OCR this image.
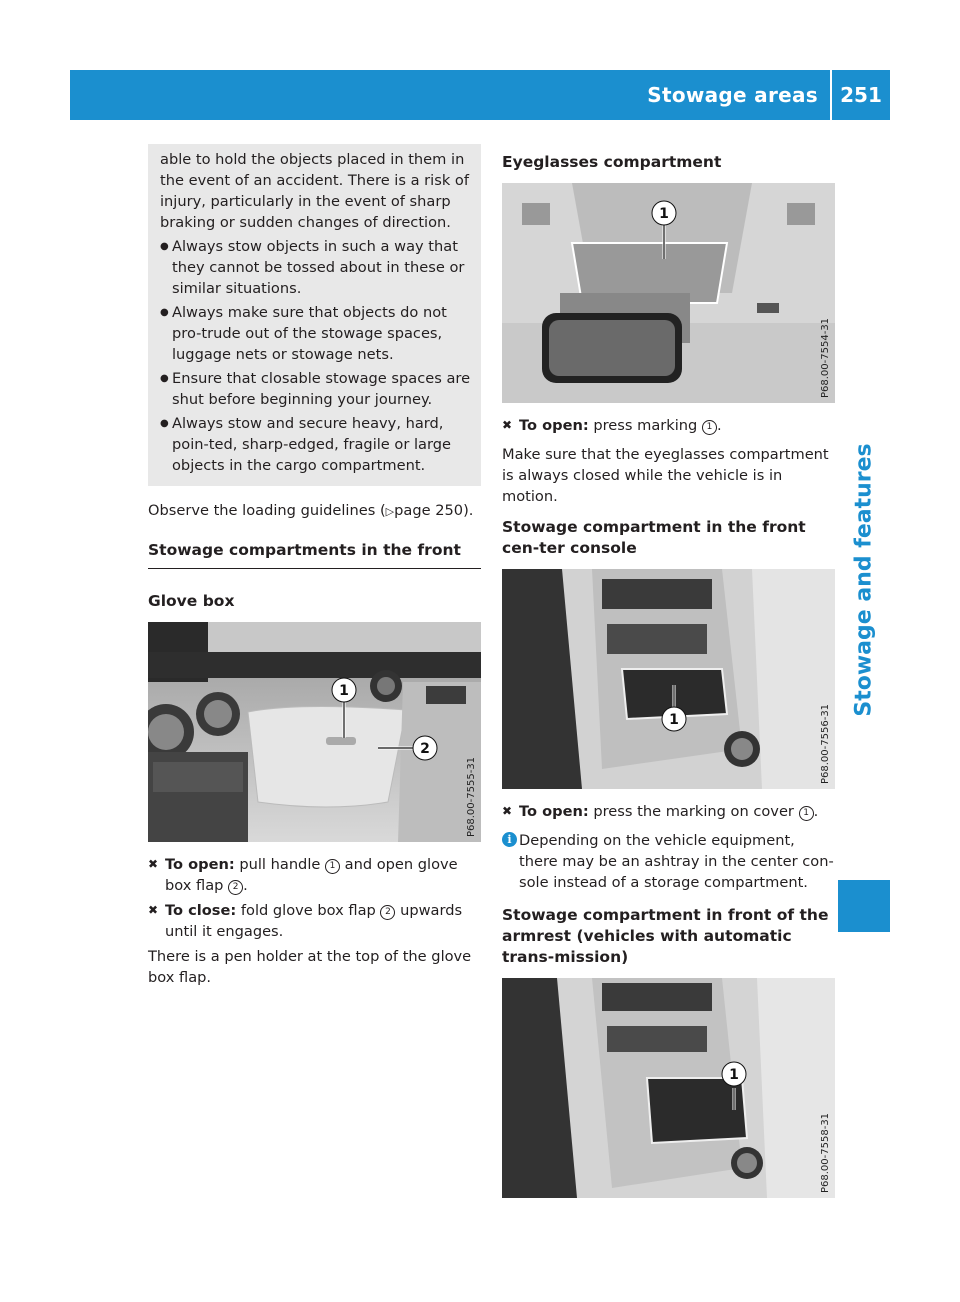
Stowage areas 251
Stowage and features

able to hold the objects placed in them in the event of an accident. There is a risk of injury, particularly in the event of sharp braking or sudden changes of direction.

● Always stow objects in such a way that they cannot be tossed about in these or similar situations.
● Always make sure that objects do not pro-trude out of the stowage spaces, luggage nets or stowage nets.
● Ensure that closable stowage spaces are shut before beginning your journey.
● Always stow and secure heavy, hard, poin-ted, sharp-edged, fragile or large objects in the cargo compartment.

Observe the loading guidelines (▷page 250).

Stowage compartments in the front
Glove box
1
2
P68.00-7555-31
✖ To open: pull handle 1 and open glove box flap 2 .
✖ To close: fold glove box flap 2 upwards until it engages.

There is a pen holder at the top of the glove box flap.

Eyeglasses compartment
1
P68.00-7554-31
✖ To open: press marking 1 .

Make sure that the eyeglasses compartment is always closed while the vehicle is in motion.

Stowage compartment in the front cen-ter console
1	P68.00-7556-31
✖ To open: press the marking on cover 1 .
i Depending on the vehicle equipment, there may be an ashtray in the center con-sole instead of a storage compartment.
Stowage compartment in front of the armrest (vehicles with automatic trans-mission)
1
P68.00-7558-31
